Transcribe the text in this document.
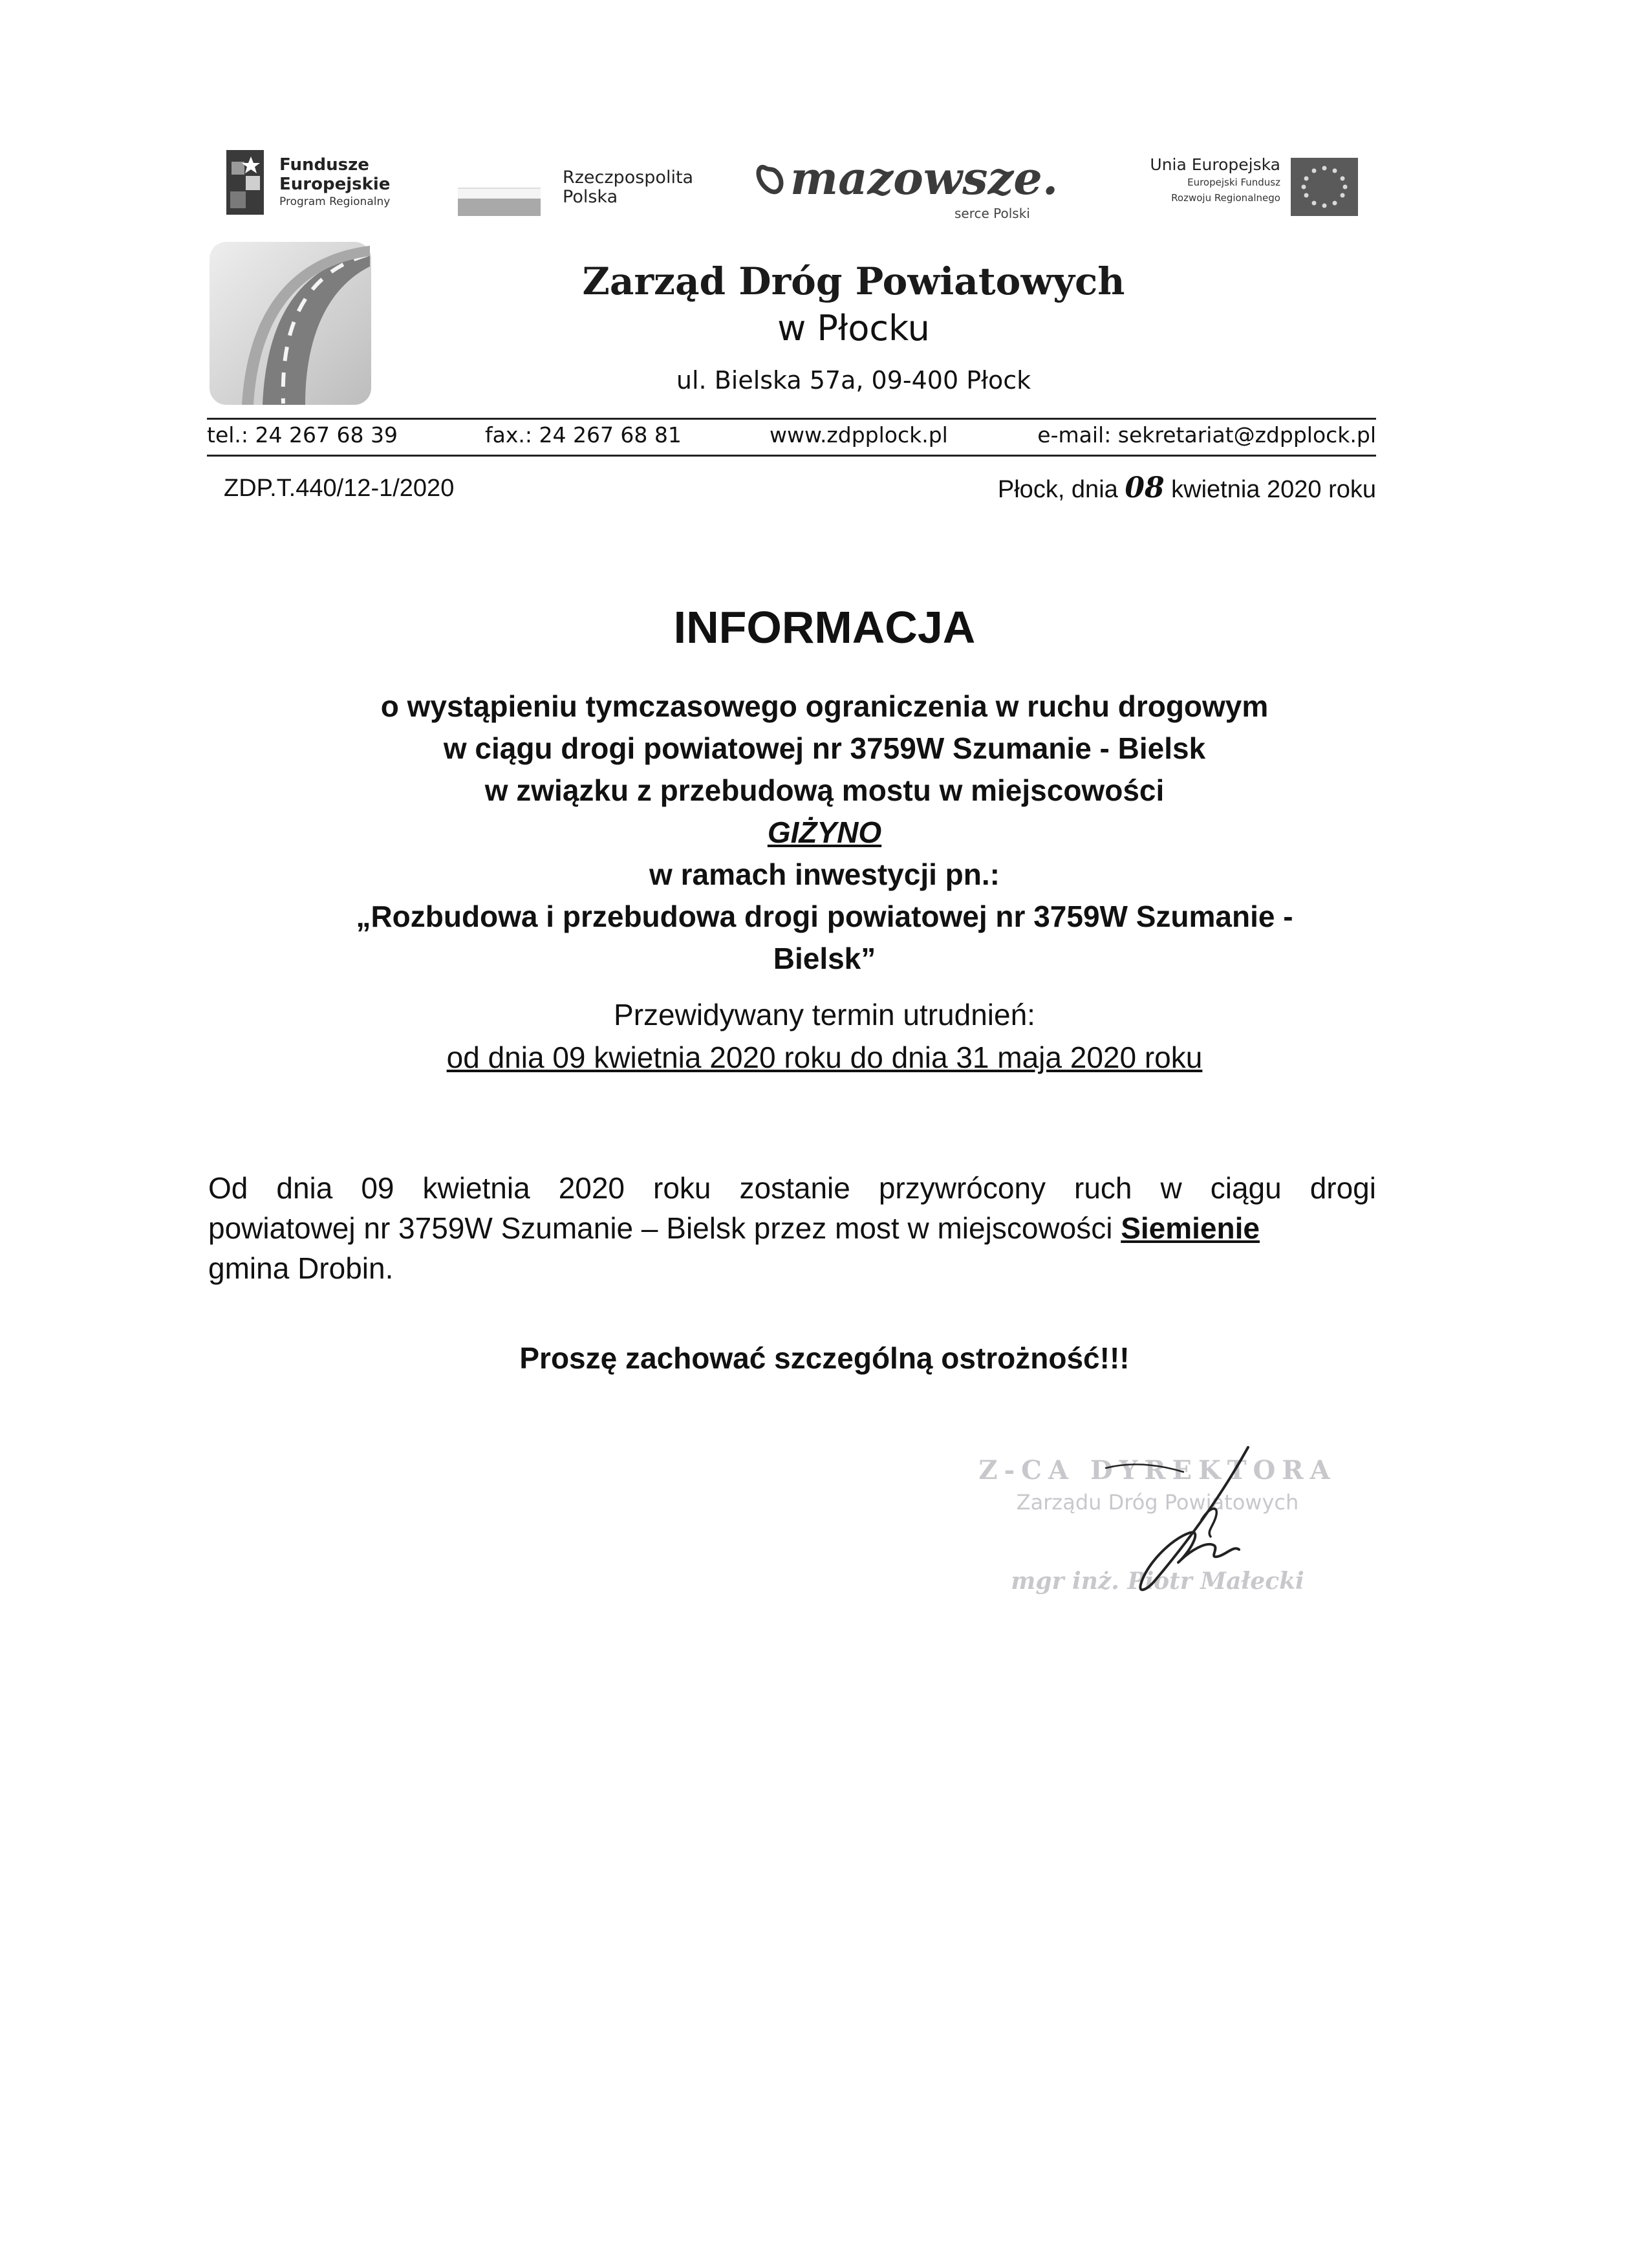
Fundusze
Europejskie
Program Regionalny
Rzeczpospolita
Polska	mazowsze.
serce Polski
Unia Europejska
Europejski Fundusz
Rozwoju Regionalnego
Zarząd Dróg Powiatowych
w Płocku
ul. Bielska 57a, 09-400 Płock
tel.: 24 267 68 39	fax.: 24 267 68 81	www.zdpplock.pl	e-mail: sekretariat@zdpplock.pl
ZDP.T.440/12-1/2020	Płock, dnia 08 kwietnia 2020 roku
INFORMACJA
o wystąpieniu tymczasowego ograniczenia w ruchu drogowym
w ciągu drogi powiatowej nr 3759W Szumanie - Bielsk
w związku z przebudową mostu w miejscowości
GIŻYNO
w ramach inwestycji pn.:
„Rozbudowa i przebudowa drogi powiatowej nr 3759W Szumanie -
Bielsk”
Przewidywany termin utrudnień:
od dnia 09 kwietnia 2020 roku do dnia 31 maja 2020 roku
Od dnia 09 kwietnia 2020 roku zostanie przywrócony ruch w ciągu drogi
powiatowej nr 3759W Szumanie – Bielsk przez most w miejscowości Siemienie
gmina Drobin.
Proszę zachować szczególną ostrożność!!!
Z-CA DYREKTORA
Zarządu Dróg Powiatowych
mgr inż. Piotr Małecki
